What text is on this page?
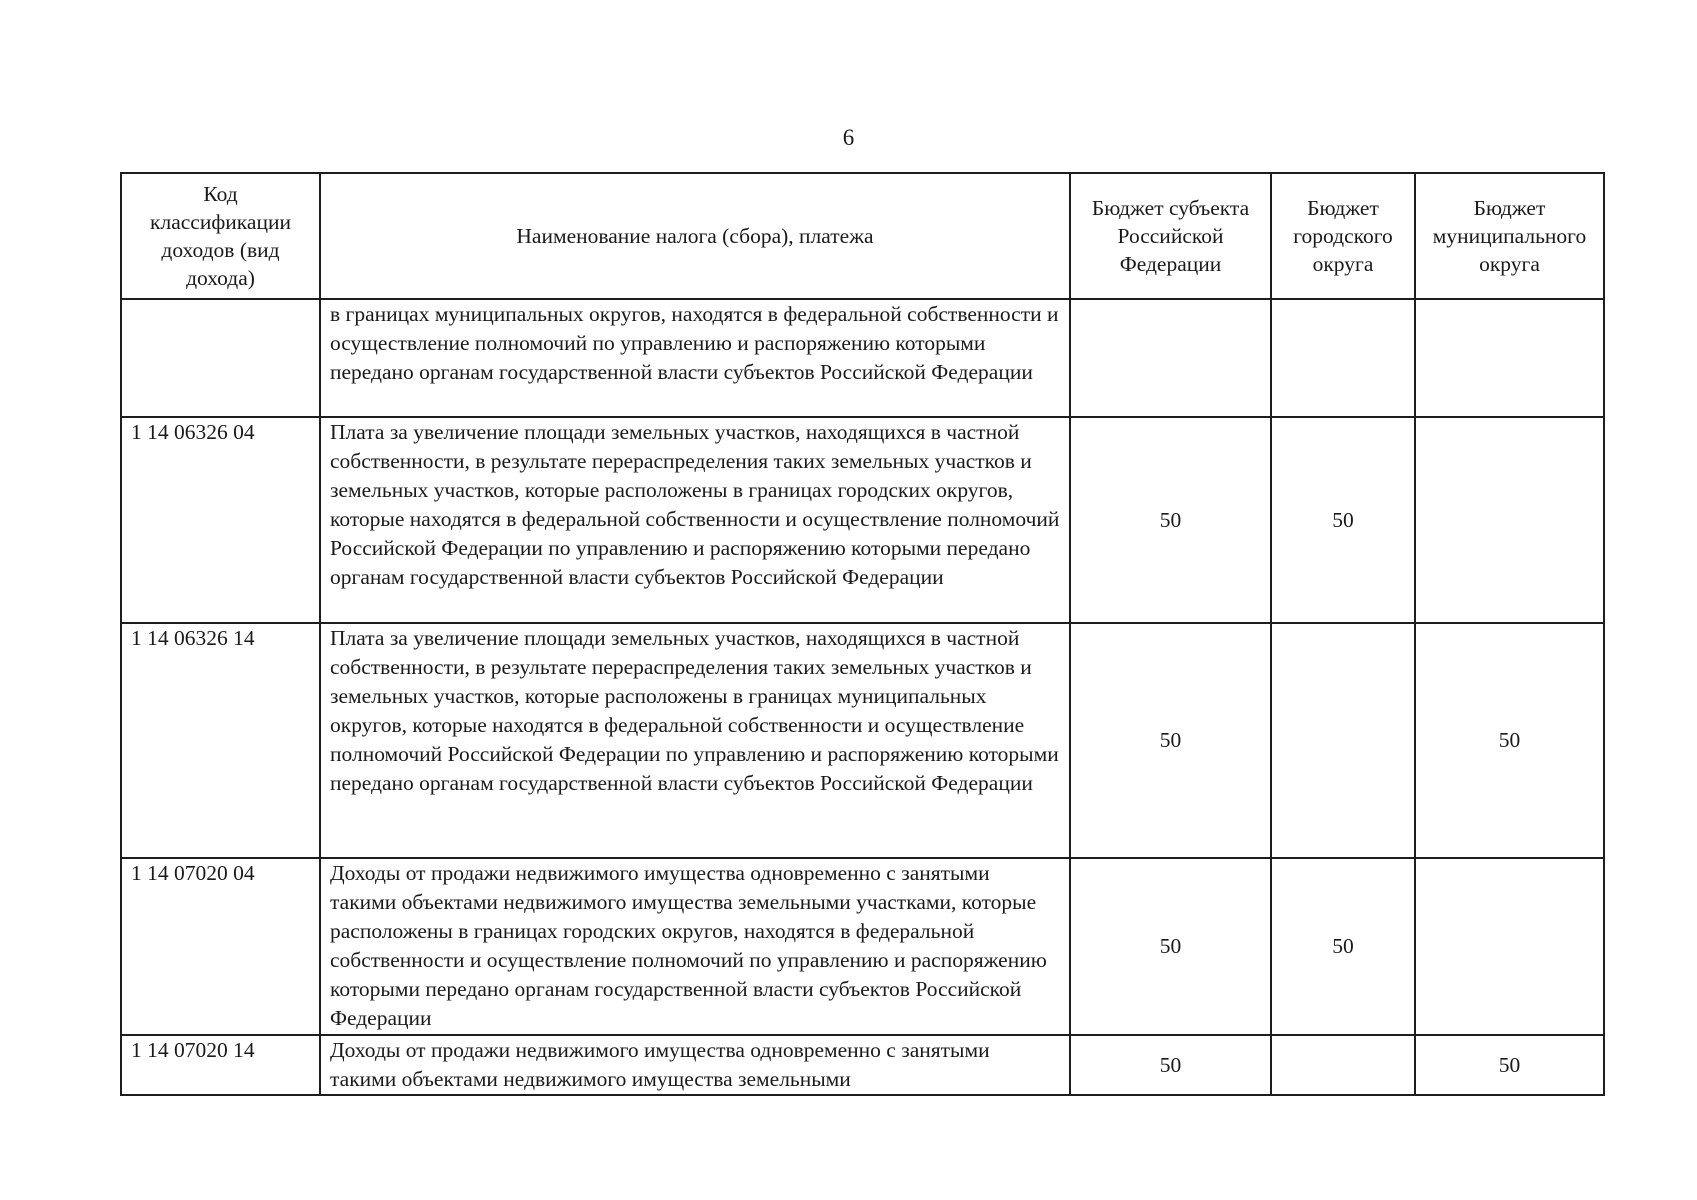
6
Код классификации доходов (вид дохода)	Наименование налога (сбора), платежа	Бюджет субъекта Российской Федерации	Бюджет городского округа	Бюджет муниципального округа
	в границах муниципальных округов, находятся в федеральной собственности и осуществление полномочий по управлению и распоряжению которыми передано органам государственной власти субъектов Российской Федерации			
1 14 06326 04	Плата за увеличение площади земельных участков, находящихся в частной собственности, в результате перераспределения таких земельных участков и земельных участков, которые расположены в границах городских округов, которые находятся в федеральной собственности и осуществление полномочий Российской Федерации по управлению и распоряжению которыми передано органам государственной власти субъектов Российской Федерации	50	50	
1 14 06326 14	Плата за увеличение площади земельных участков, находящихся в частной собственности, в результате перераспределения таких земельных участков и земельных участков, которые расположены в границах муниципальных округов, которые находятся в федеральной собственности и осуществление полномочий Российской Федерации по управлению и распоряжению которыми передано органам государственной власти субъектов Российской Федерации	50		50
1 14 07020 04	Доходы от продажи недвижимого имущества одновременно с занятыми такими объектами недвижимого имущества земельными участками, которые расположены в границах городских округов, находятся в федеральной собственности и осуществление полномочий по управлению и распоряжению которыми передано органам государственной власти субъектов Российской Федерации	50	50	
1 14 07020 14	Доходы от продажи недвижимого имущества одновременно с занятыми такими объектами недвижимого имущества земельными	50		50
